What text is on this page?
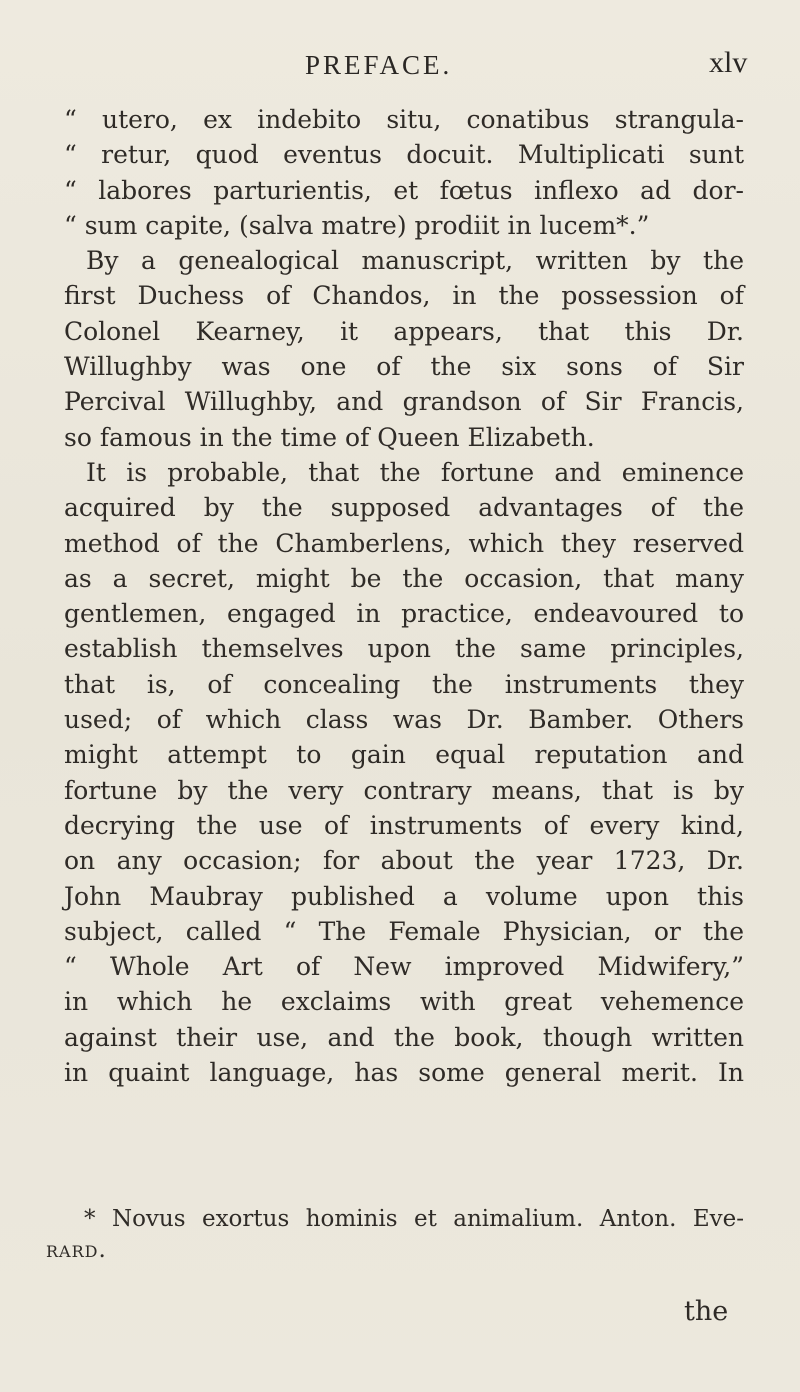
PREFACE.	xlv
“ utero, ex indebito situ, conatibus strangula-
“ retur, quod eventus docuit. Multiplicati sunt
“ labores parturientis, et fœtus inflexo ad dor-
“ sum capite, (salva matre) prodiit in lucem*.”
By a genealogical manuscript, written by the
first Duchess of Chandos, in the possession of
Colonel Kearney, it appears, that this Dr.
Willughby was one of the six sons of Sir
Percival Willughby, and grandson of Sir Francis,
so famous in the time of Queen Elizabeth.
It is probable, that the fortune and eminence
acquired by the supposed advantages of the
method of the Chamberlens, which they reserved
as a secret, might be the occasion, that many
gentlemen, engaged in practice, endeavoured to
establish themselves upon the same principles,
that is, of concealing the instruments they
used; of which class was Dr. Bamber. Others
might attempt to gain equal reputation and
fortune by the very contrary means, that is by
decrying the use of instruments of every kind,
on any occasion; for about the year 1723, Dr.
John Maubray published a volume upon this
subject, called “ The Female Physician, or the
“ Whole Art of New improved Midwifery,”
in which he exclaims with great vehemence
against their use, and the book, though written
in quaint language, has some general merit. In
* Novus exortus hominis et animalium. Anton. Eve-
rard.
the
